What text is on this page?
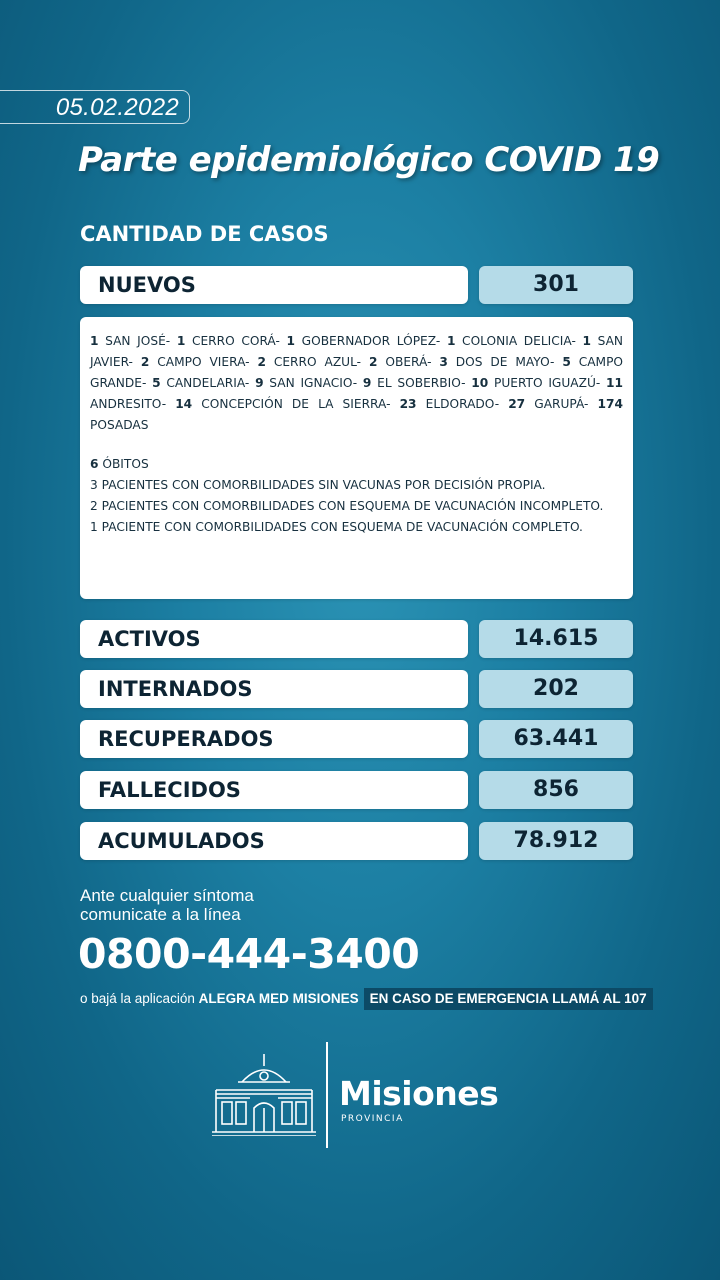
05.02.2022
Parte epidemiológico COVID 19
CANTIDAD DE CASOS
NUEVOS	301

1 SAN JOSÉ- 1 CERRO CORÁ- 1 GOBERNADOR LÓPEZ- 1 COLONIA DELICIA- 1 SAN JAVIER- 2 CAMPO VIERA- 2 CERRO AZUL- 2 OBERÁ- 3 DOS DE MAYO- 5 CAMPO GRANDE- 5 CANDELARIA- 9 SAN IGNACIO- 9 EL SOBERBIO- 10 PUERTO IGUAZÚ- 11 ANDRESITO- 14 CONCEPCIÓN DE LA SIERRA- 23 ELDORADO- 27 GARUPÁ- 174 POSADAS

6 ÓBITOS

3 PACIENTES CON COMORBILIDADES SIN VACUNAS POR DECISIÓN PROPIA.

2 PACIENTES CON COMORBILIDADES CON ESQUEMA DE VACUNACIÓN INCOMPLETO.

1 PACIENTE CON COMORBILIDADES CON ESQUEMA DE VACUNACIÓN COMPLETO.

ACTIVOS	14.615
INTERNADOS	202
RECUPERADOS	63.441
FALLECIDOS	856
ACUMULADOS	78.912
Ante cualquier síntoma
comunicate a la línea
0800-444-3400
o bajá la aplicación ALEGRA MED MISIONES EN CASO DE EMERGENCIA LLAMÁ AL 107
Misiones
PROVINCIA
